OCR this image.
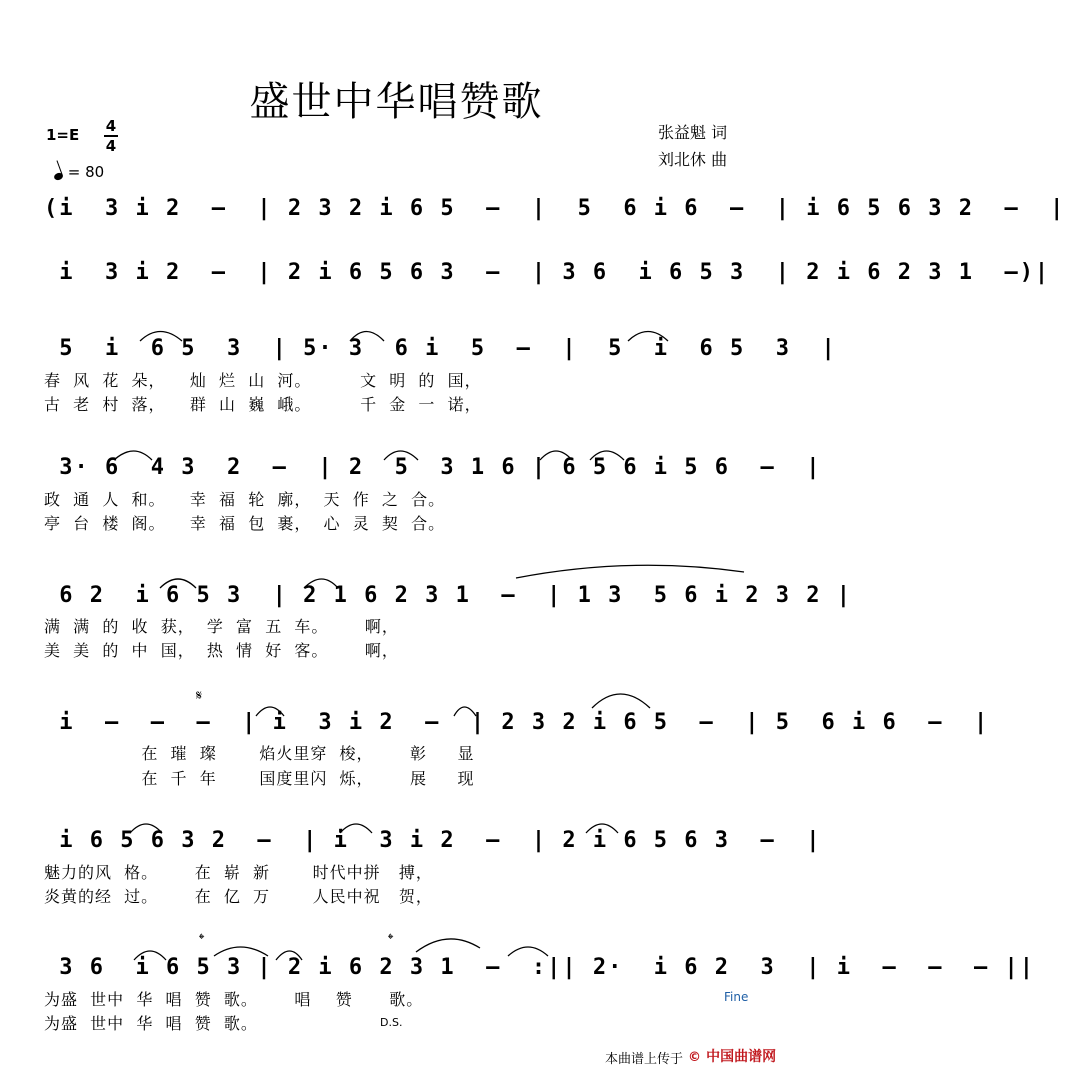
盛世中华唱赞歌
张益魁 词
刘北休 曲
1=E 4
4
= 80
(i  3 i 2  –  | 2 3 2 i 6 5  –  |  5  6 i 6  –  | i 6 5 6 3 2  –  |
i  3 i 2  –  | 2 i 6 5 6 3  –  | 3 6  i 6 5 3  | 2 i 6 2 3 1  –)|
5  i  6 5  3  | 5· 3  6 i  5  –  |  5  i  6 5  3  |
春  风  花  朵，    灿  烂  山  河。        文  明  的  国，
古  老  村  落，    群  山  巍  峨。        千  金  一  诺，
3· 6  4 3  2  –  | 2  5  3 1 6 | 6 5 6 i 5 6  –  |
政  通  人  和。    幸  福  轮  廓，  天  作  之  合。
亭  台  楼  阁。    幸  福  包  裹，  心  灵  契  合。
6 2  i 6 5 3  | 2 1 6 2 3 1  –  | 1 3  5 6 i 2 3 2 |
满  满  的  收  获，  学  富  五  车。      啊，
美  美  的  中  国，  热  情  好  客。      啊，
𝄋
i  –  –  –  | i  3 i 2  –  | 2 3 2 i 6 5  –  | 5  6 i 6  –  |
在  璀  璨       焰火里穿  梭，      彰     显
在  千  年       国度里闪  烁，      展     现
i 6 5 6 3 2  –  | i  3 i 2  –  | 2 i 6 5 6 3  –  |
魅力的风  格。      在  崭  新       时代中拼   搏，
炎黄的经  过。      在  亿  万       人民中祝   贺，
𝄌	𝄌
3 6  i 6 5 3 | 2 i 6 2 3 1  –  :|| 2·  i 6 2  3  | i  –  –  – ||
为盛  世中  华  唱  赞  歌。      唱    赞      歌。
为盛  世中  华  唱  赞  歌。
Fine
D.S.
本曲谱上传于 © 中国曲谱网
